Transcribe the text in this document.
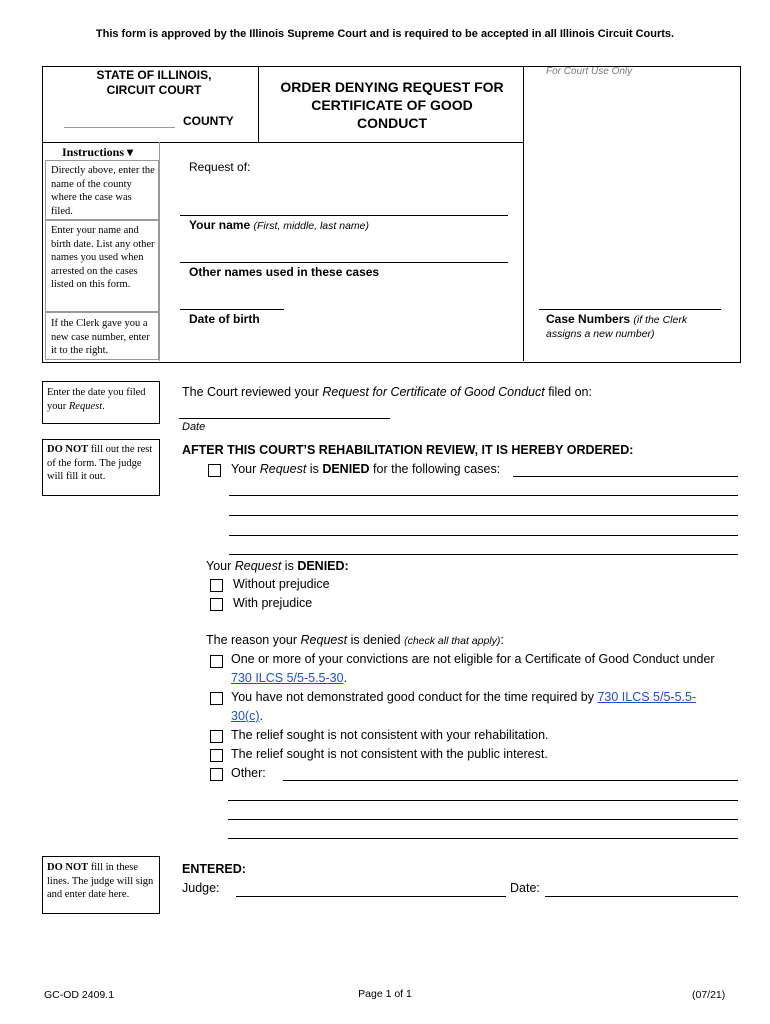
This form is approved by the Illinois Supreme Court and is required to be accepted in all Illinois Circuit Courts.
STATE OF ILLINOIS,
CIRCUIT COURT
COUNTY
ORDER DENYING REQUEST FOR
CERTIFICATE OF GOOD
CONDUCT
For Court Use Only
Instructions ▾
Directly above, enter the name of the county where the case was filed.
Enter your name and birth date. List any other names you used when arrested on the cases listed on this form.
If the Clerk gave you a new case number, enter it to the right.
Request of:
Your name (First, middle, last name)
Other names used in these cases
Date of birth	Case Numbers (if the Clerk
assigns a new number)
Enter the date you filed your Request.
DO NOT fill out the rest of the form. The judge will fill it out.
DO NOT fill in these lines. The judge will sign and enter date here.
The Court reviewed your Request for Certificate of Good Conduct filed on:
Date
AFTER THIS COURT’S REHABILITATION REVIEW, IT IS HEREBY ORDERED:
Your Request is DENIED for the following cases:
Your Request is DENIED:
Without prejudice
With prejudice
The reason your Request is denied (check all that apply):
One or more of your convictions are not eligible for a Certificate of Good Conduct under
730 ILCS 5/5-5.5-30.
You have not demonstrated good conduct for the time required by 730 ILCS 5/5-5.5-
30(c).
The relief sought is not consistent with your rehabilitation.
The relief sought is not consistent with the public interest.
Other:
ENTERED:
Judge:	Date:
GC-OD 2409.1	Page 1 of 1	(07/21)
